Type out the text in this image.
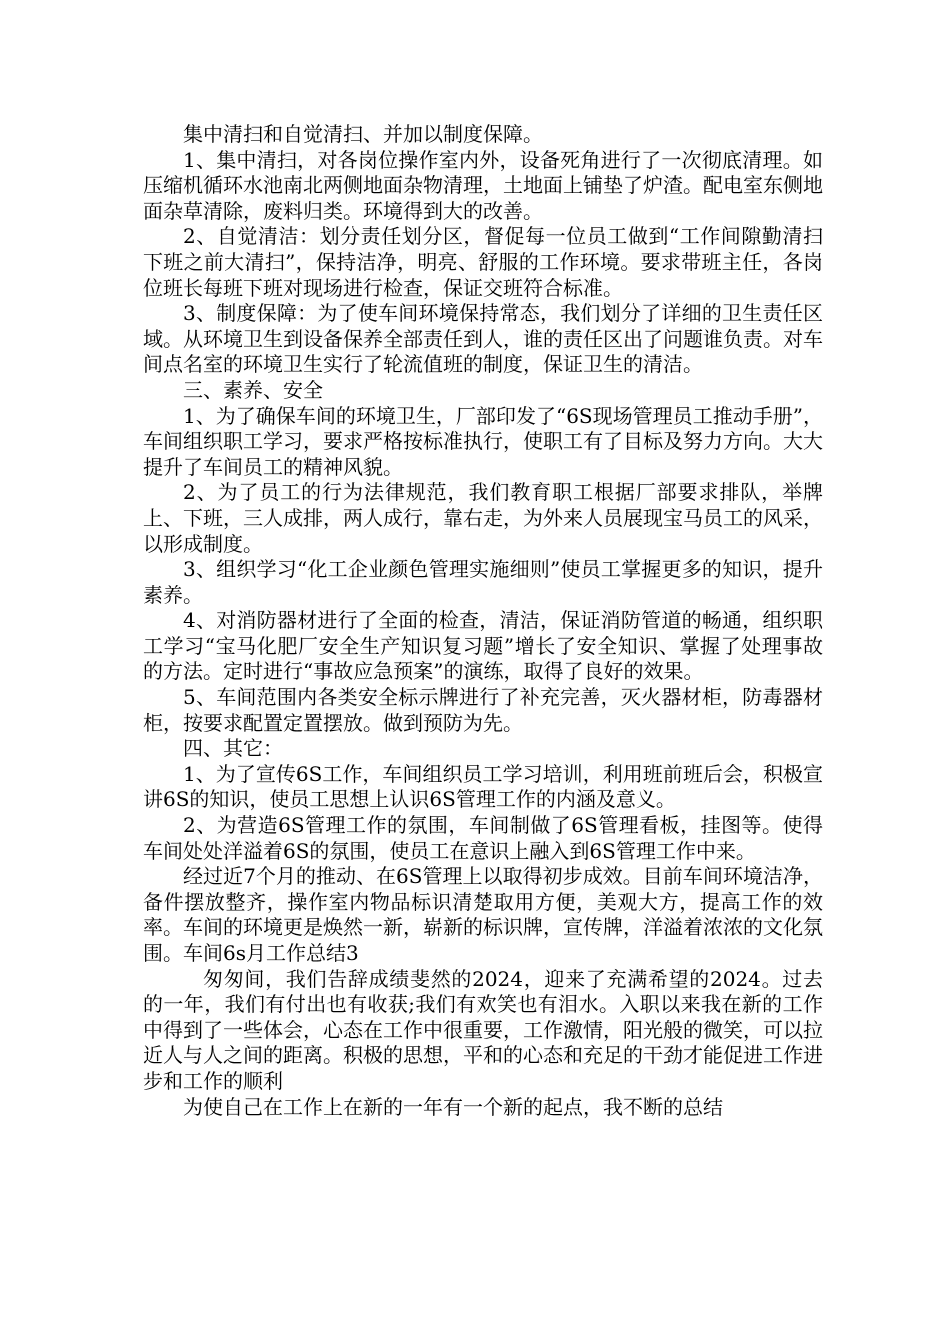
集中清扫和自觉清扫、并加以制度保障。

1、集中清扫，对各岗位操作室内外，设备死角进行了一次彻底清理。如压缩机循环水池南北两侧地面杂物清理，土地面上铺垫了炉渣。配电室东侧地面杂草清除，废料归类。环境得到大的改善。

2、自觉清洁：划分责任划分区，督促每一位员工做到“工作间隙勤清扫下班之前大清扫”，保持洁净，明亮、舒服的工作环境。要求带班主任，各岗位班长每班下班对现场进行检查，保证交班符合标准。

3、制度保障：为了使车间环境保持常态，我们划分了详细的卫生责任区域。从环境卫生到设备保养全部责任到人，谁的责任区出了问题谁负责。对车间点名室的环境卫生实行了轮流值班的制度，保证卫生的清洁。

三、素养、安全

1、为了确保车间的环境卫生，厂部印发了“6S现场管理员工推动手册”，车间组织职工学习，要求严格按标准执行，使职工有了目标及努力方向。大大提升了车间员工的精神风貌。

2、为了员工的行为法律规范，我们教育职工根据厂部要求排队，举牌上、下班，三人成排，两人成行，靠右走，为外来人员展现宝马员工的风采，以形成制度。

3、组织学习“化工企业颜色管理实施细则”使员工掌握更多的知识，提升素养。

4、对消防器材进行了全面的检查，清洁，保证消防管道的畅通，组织职工学习“宝马化肥厂安全生产知识复习题”增长了安全知识、掌握了处理事故的方法。定时进行“事故应急预案”的演练，取得了良好的效果。

5、车间范围内各类安全标示牌进行了补充完善，灭火器材柜，防毒器材柜，按要求配置定置摆放。做到预防为先。

四、其它：

1、为了宣传6S工作，车间组织员工学习培训，利用班前班后会，积极宣讲6S的知识，使员工思想上认识6S管理工作的内涵及意义。

2、为营造6S管理工作的氛围，车间制做了6S管理看板，挂图等。使得车间处处洋溢着6S的氛围，使员工在意识上融入到6S管理工作中来。

经过近7个月的推动、在6S管理上以取得初步成效。目前车间环境洁净，备件摆放整齐，操作室内物品标识清楚取用方便，美观大方，提高工作的效率。车间的环境更是焕然一新，崭新的标识牌，宣传牌，洋溢着浓浓的文化氛围。车间6s月工作总结3

匆匆间，我们告辞成绩斐然的2024，迎来了充满希望的2024。过去的一年，我们有付出也有收获;我们有欢笑也有泪水。入职以来我在新的工作中得到了一些体会，心态在工作中很重要，工作激情，阳光般的微笑，可以拉近人与人之间的距离。积极的思想，平和的心态和充足的干劲才能促进工作进步和工作的顺利

为使自己在工作上在新的一年有一个新的起点，我不断的总结
